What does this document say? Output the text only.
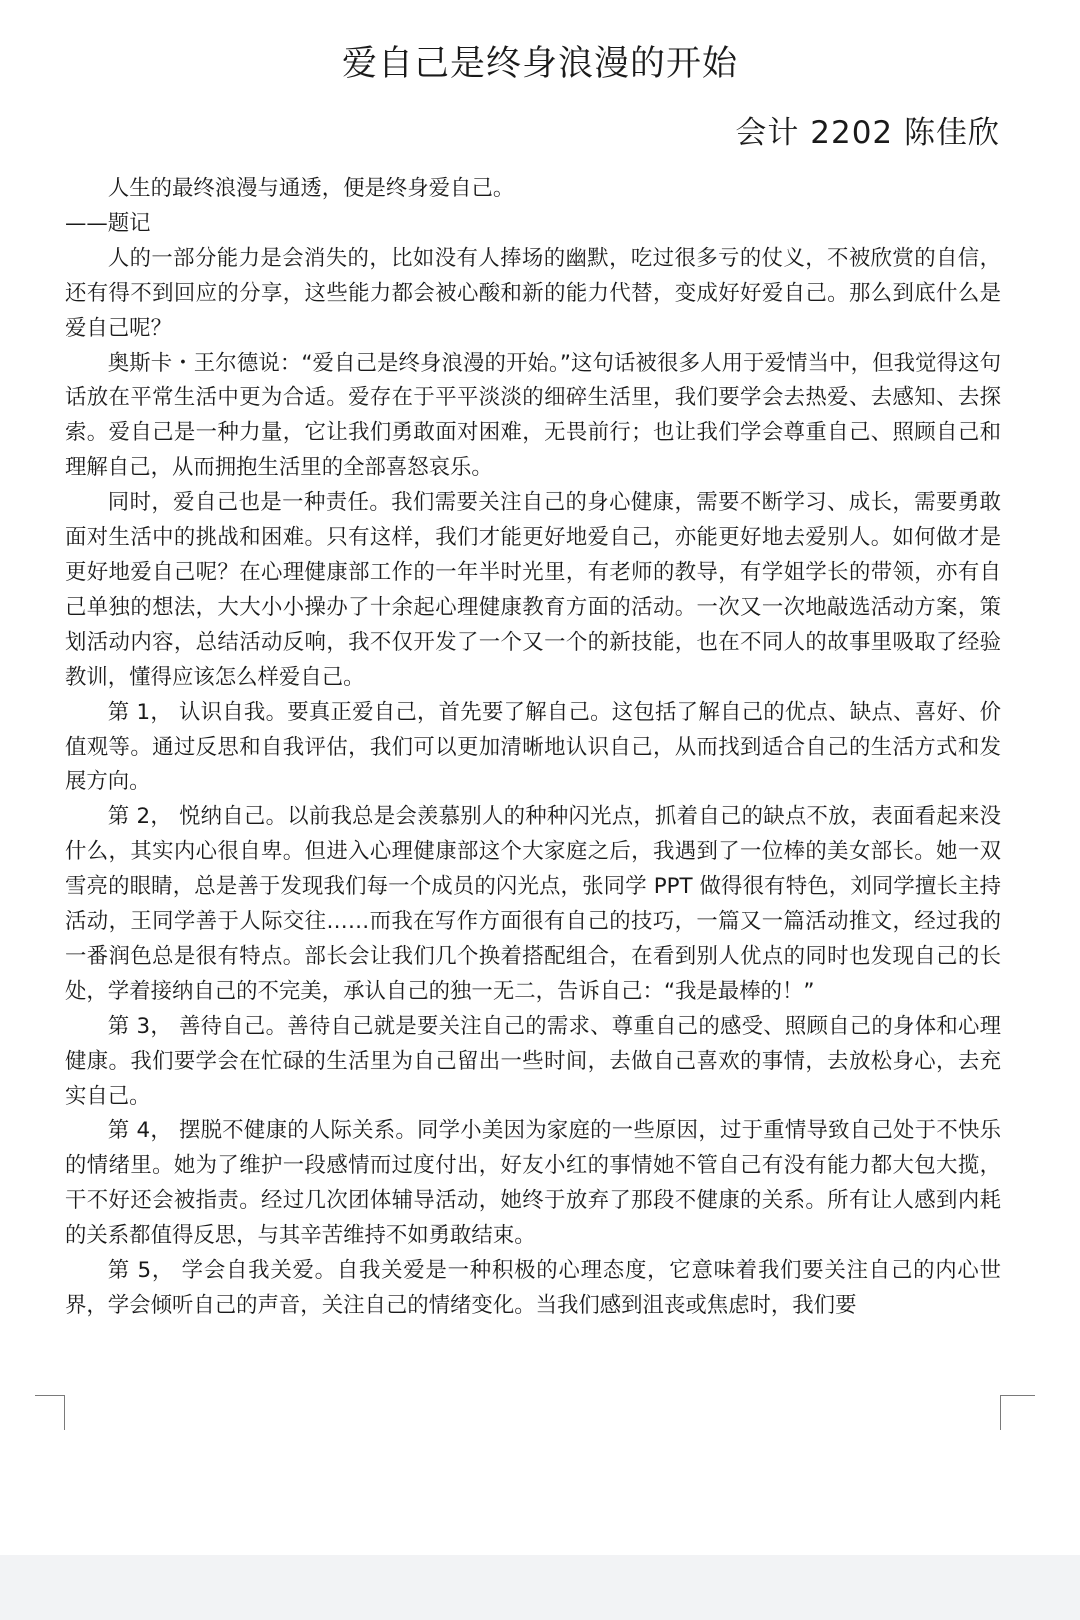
爱自己是终身浪漫的开始
会计 2202 陈佳欣

人生的最终浪漫与通透，便是终身爱自己。

——题记

人的一部分能力是会消失的，比如没有人捧场的幽默，吃过很多亏的仗义，不被欣赏的自信，还有得不到回应的分享，这些能力都会被心酸和新的能力代替，变成好好爱自己。那么到底什么是爱自己呢？

奥斯卡・王尔德说：“爱自己是终身浪漫的开始。”这句话被很多人用于爱情当中，但我觉得这句话放在平常生活中更为合适。爱存在于平平淡淡的细碎生活里，我们要学会去热爱、去感知、去探索。爱自己是一种力量，它让我们勇敢面对困难，无畏前行；也让我们学会尊重自己、照顾自己和理解自己，从而拥抱生活里的全部喜怒哀乐。

同时，爱自己也是一种责任。我们需要关注自己的身心健康，需要不断学习、成长，需要勇敢面对生活中的挑战和困难。只有这样，我们才能更好地爱自己，亦能更好地去爱别人。如何做才是更好地爱自己呢？在心理健康部工作的一年半时光里，有老师的教导，有学姐学长的带领，亦有自己单独的想法，大大小小操办了十余起心理健康教育方面的活动。一次又一次地敲选活动方案，策划活动内容，总结活动反响，我不仅开发了一个又一个的新技能，也在不同人的故事里吸取了经验教训，懂得应该怎么样爱自己。

第 1， 认识自我。要真正爱自己，首先要了解自己。这包括了解自己的优点、缺点、喜好、价值观等。通过反思和自我评估，我们可以更加清晰地认识自己，从而找到适合自己的生活方式和发展方向。

第 2， 悦纳自己。以前我总是会羡慕别人的种种闪光点，抓着自己的缺点不放，表面看起来没什么，其实内心很自卑。但进入心理健康部这个大家庭之后，我遇到了一位棒的美女部长。她一双雪亮的眼睛，总是善于发现我们每一个成员的闪光点，张同学 PPT 做得很有特色，刘同学擅长主持活动，王同学善于人际交往……而我在写作方面很有自己的技巧，一篇又一篇活动推文，经过我的一番润色总是很有特点。部长会让我们几个换着搭配组合，在看到别人优点的同时也发现自己的长处，学着接纳自己的不完美，承认自己的独一无二，告诉自己：“我是最棒的！”

第 3， 善待自己。善待自己就是要关注自己的需求、尊重自己的感受、照顾自己的身体和心理健康。我们要学会在忙碌的生活里为自己留出一些时间，去做自己喜欢的事情，去放松身心，去充实自己。

第 4， 摆脱不健康的人际关系。同学小美因为家庭的一些原因，过于重情导致自己处于不快乐的情绪里。她为了维护一段感情而过度付出，好友小红的事情她不管自己有没有能力都大包大揽，干不好还会被指责。经过几次团体辅导活动，她终于放弃了那段不健康的关系。所有让人感到内耗的关系都值得反思，与其辛苦维持不如勇敢结束。

第 5， 学会自我关爱。自我关爱是一种积极的心理态度，它意味着我们要关注自己的内心世界，学会倾听自己的声音，关注自己的情绪变化。当我们感到沮丧或焦虑时，我们要
